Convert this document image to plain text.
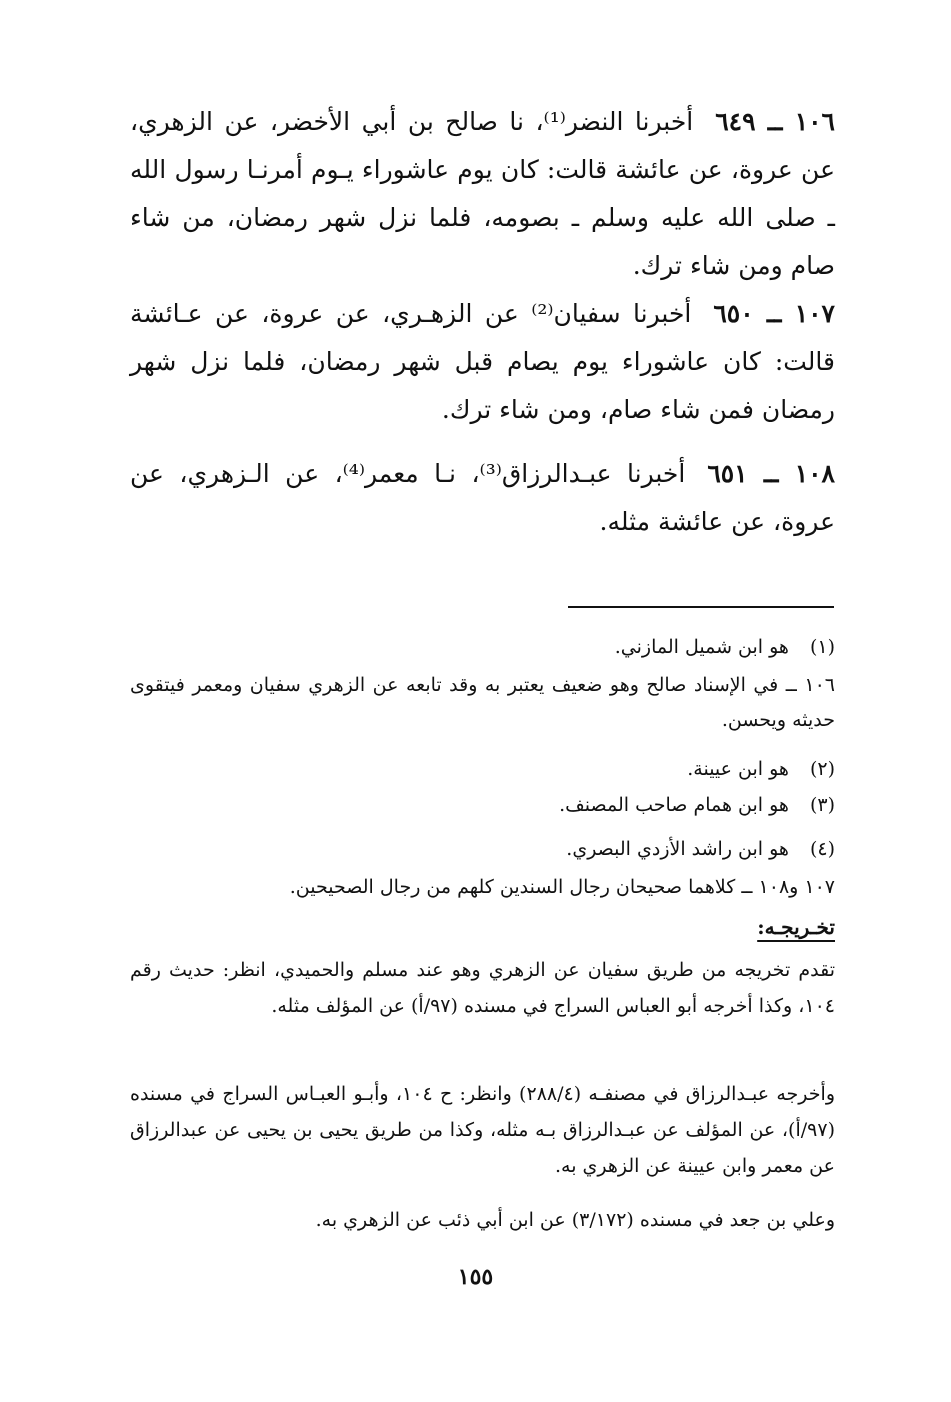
١٠٦ ــ ٦٤٩أخبرنا النضر⁽¹⁾، نا صالح بن أبي الأخضر، عن الزهري، عن عروة، عن عائشة قالت: كان يوم عاشوراء يـوم أمرنـا رسول الله ـ صلى الله عليه وسلم ـ بصومه، فلما نزل شهر رمضان، من شاء صام ومن شاء ترك.

١٠٧ ــ ٦٥٠أخبرنا سفيان⁽²⁾ عن الزهـري، عن عروة، عن عـائشة قالت: كان عاشوراء يوم يصام قبل شهر رمضان، فلما نزل شهر رمضان فمن شاء صام، ومن شاء ترك.

١٠٨ ــ ٦٥١أخبرنا عبـدالرزاق⁽³⁾، نـا معمر⁽⁴⁾، عن الـزهري، عن عروة، عن عائشة مثله.

(١) هو ابن شميل المازني.

١٠٦ ــ في الإسناد صالح وهو ضعيف يعتبر به وقد تابعه عن الزهري سفيان ومعمر فيتقوى حديثه ويحسن.

(٢) هو ابن عيينة.

(٣) هو ابن همام صاحب المصنف.

(٤) هو ابن راشد الأزدي البصري.

١٠٧ و١٠٨ ــ كلاهما صحيحان رجال السندين كلهم من رجال الصحيحين.

تخـريجـه:

تقدم تخريجه من طريق سفيان عن الزهري وهو عند مسلم والحميدي، انظر: حديث رقم ١٠٤، وكذا أخرجه أبو العباس السراج في مسنده (٩٧/أ) عن المؤلف مثله.

وأخرجه عبـدالرزاق في مصنفـه (٢٨٨/٤) وانظر: ح ١٠٤، وأبـو العبـاس السراج في مسنده (٩٧/أ)، عن المؤلف عن عبـدالرزاق بـه مثله، وكذا من طريق يحيى بن يحيى عن عبدالرزاق عن معمر وابن عيينة عن الزهري به.

وعلي بن جعد في مسنده (٣/١٧٢) عن ابن أبي ذئب عن الزهري به.

١٥٥
